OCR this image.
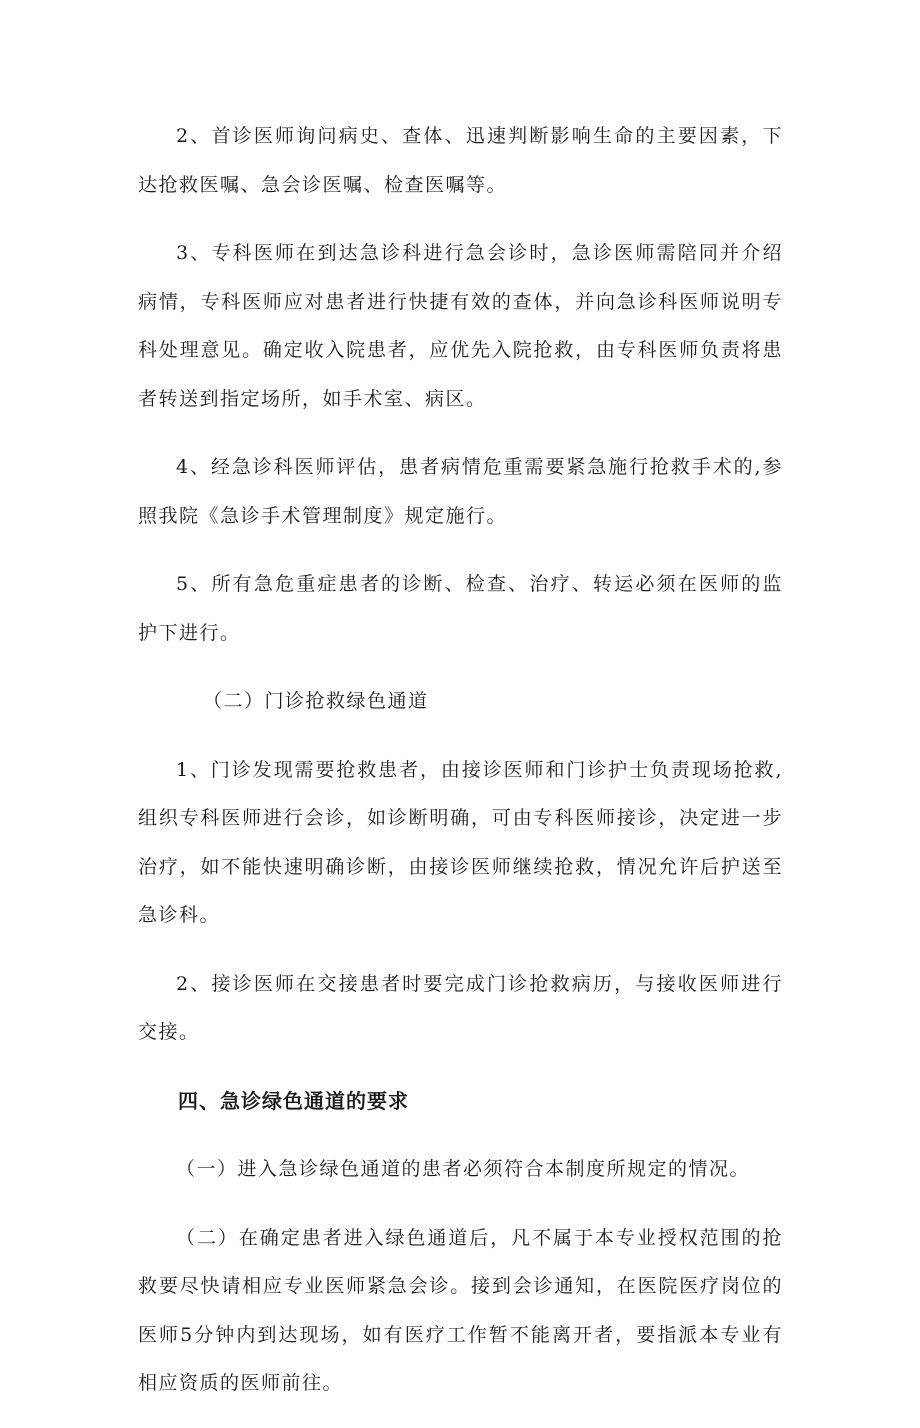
2、首诊医师询问病史、查体、迅速判断影响生命的主要因素，下达抢救医嘱、急会诊医嘱、检查医嘱等。

3、专科医师在到达急诊科进行急会诊时，急诊医师需陪同并介绍病情，专科医师应对患者进行快捷有效的查体，并向急诊科医师说明专科处理意见。确定收入院患者，应优先入院抢救，由专科医师负责将患者转送到指定场所，如手术室、病区。

4、经急诊科医师评估，患者病情危重需要紧急施行抢救手术的,参照我院《急诊手术管理制度》规定施行。

5、所有急危重症患者的诊断、检查、治疗、转运必须在医师的监护下进行。

（二）门诊抢救绿色通道

1、门诊发现需要抢救患者，由接诊医师和门诊护士负责现场抢救,组织专科医师进行会诊，如诊断明确，可由专科医师接诊，决定进一步治疗，如不能快速明确诊断，由接诊医师继续抢救，情况允许后护送至急诊科。

2、接诊医师在交接患者时要完成门诊抢救病历，与接收医师进行交接。

四、急诊绿色通道的要求

（一）进入急诊绿色通道的患者必须符合本制度所规定的情况。

（二）在确定患者进入绿色通道后，凡不属于本专业授权范围的抢救要尽快请相应专业医师紧急会诊。接到会诊通知，在医院医疗岗位的医师5分钟内到达现场，如有医疗工作暂不能离开者，要指派本专业有相应资质的医师前往。
